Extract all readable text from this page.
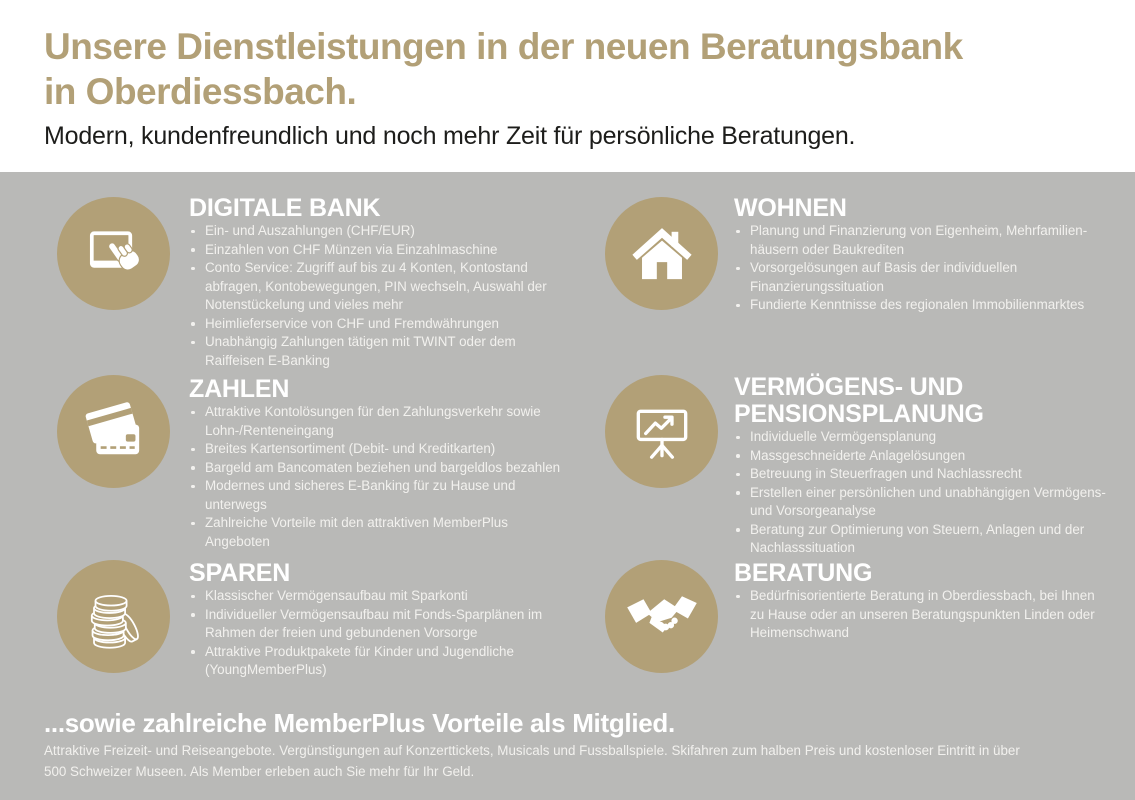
Unsere Dienstleistungen in der neuen Beratungsbank
in Oberdiessbach.
Modern, kundenfreundlich und noch mehr Zeit für persönliche Beratungen.
DIGITALE BANK
Ein- und Auszahlungen (CHF/EUR)
Einzahlen von CHF Münzen via Einzahlmaschine
Conto Service: Zugriff auf bis zu 4 Konten, Kontostand abfragen, Kontobewegungen, PIN wechseln, Auswahl der Notenstückelung und vieles mehr
Heimlieferservice von CHF und Fremdwährungen
Unabhängig Zahlungen tätigen mit TWINT oder dem Raiffeisen E-Banking
WOHNEN
Planung und Finanzierung von Eigenheim, Mehrfamilien-häusern oder Baukrediten
Vorsorgelösungen auf Basis der individuellen Finanzierungssituation
Fundierte Kenntnisse des regionalen Immobilienmarktes
ZAHLEN
Attraktive Kontolösungen für den Zahlungsverkehr sowie Lohn-/Renteneingang
Breites Kartensortiment (Debit- und Kreditkarten)
Bargeld am Bancomaten beziehen und bargeldlos bezahlen
Modernes und sicheres E-Banking für zu Hause und unterwegs
Zahlreiche Vorteile mit den attraktiven MemberPlus Angeboten
VERMÖGENS- UND PENSIONSPLANUNG
Individuelle Vermögensplanung
Massgeschneiderte Anlagelösungen
Betreuung in Steuerfragen und Nachlassrecht
Erstellen einer persönlichen und unabhängigen Vermögens- und Vorsorgeanalyse
Beratung zur Optimierung von Steuern, Anlagen und der Nachlasssituation
SPAREN
Klassischer Vermögensaufbau mit Sparkonti
Individueller Vermögensaufbau mit Fonds-Sparplänen im Rahmen der freien und gebundenen Vorsorge
Attraktive Produktpakete für Kinder und Jugendliche (YoungMemberPlus)
BERATUNG
Bedürfnisorientierte Beratung in Oberdiessbach, bei Ihnen zu Hause oder an unseren Beratungspunkten Linden oder Heimenschwand
...sowie zahlreiche MemberPlus Vorteile als Mitglied.
Attraktive Freizeit- und Reiseangebote. Vergünstigungen auf Konzerttickets, Musicals und Fussballspiele. Skifahren zum halben Preis und kostenloser Eintritt in über 500 Schweizer Museen. Als Member erleben auch Sie mehr für Ihr Geld.
